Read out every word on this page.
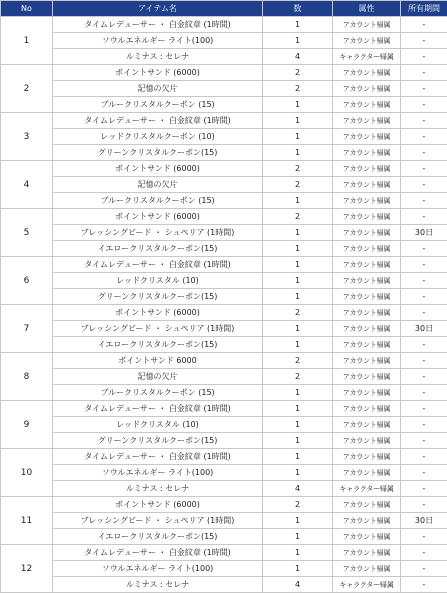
No	アイテム名	数	属性	所有期間
1	タイムレデューサー ・ 白金紋章 (1時間)	1	アカウント帰属	-
	ソウルエネルギー ライト(100)	1	アカウント帰属	-
	ルミナス : セレナ	4	キャラクター帰属	-
2	ポイントサンド (6000)	2	アカウント帰属	-
	記憶の欠片	2	アカウント帰属	-
	ブルークリスタルクーポン (15)	1	アカウント帰属	-
3	タイムレデューサー ・ 白金紋章 (1時間)	1	アカウント帰属	-
	レッドクリスタルクーポン (10)	1	アカウント帰属	-
	グリーンクリスタルクーポン(15)	1	アカウント帰属	-
4	ポイントサンド (6000)	2	アカウント帰属	-
	記憶の欠片	2	アカウント帰属	-
	ブルークリスタルクーポン (15)	1	アカウント帰属	-
5	ポイントサンド (6000)	2	アカウント帰属	-
	ブレッシングビード ・ シュペリア (1時間)	1	アカウント帰属	30日
	イエロークリスタルクーポン(15)	1	アカウント帰属	-
6	タイムレデューサー ・ 白金紋章 (1時間)	1	アカウント帰属	-
	レッドクリスタル (10)	1	アカウント帰属	-
	グリーンクリスタルクーポン(15)	1	アカウント帰属	-
7	ポイントサンド (6000)	2	アカウント帰属	-
	ブレッシングビード ・ シュペリア (1時間)	1	アカウント帰属	30日
	イエロークリスタルクーポン(15)	1	アカウント帰属	-
8	ポイントサンド 6000	2	アカウント帰属	-
	記憶の欠片	2	アカウント帰属	-
	ブルークリスタルクーポン (15)	1	アカウント帰属	-
9	タイムレデューサー ・ 白金紋章 (1時間)	1	アカウント帰属	-
	レッドクリスタル (10)	1	アカウント帰属	-
	グリーンクリスタルクーポン(15)	1	アカウント帰属	-
10	タイムレデューサー ・ 白金紋章 (1時間)	1	アカウント帰属	-
	ソウルエネルギー ライト(100)	1	アカウント帰属	-
	ルミナス : セレナ	4	キャラクター帰属	-
11	ポイントサンド (6000)	2	アカウント帰属	-
	ブレッシングビード ・ シュペリア (1時間)	1	アカウント帰属	30日
	イエロークリスタルクーポン(15)	1	アカウント帰属	-
12	タイムレデューサー ・ 白金紋章 (1時間)	1	アカウント帰属	-
	ソウルエネルギー ライト(100)	1	アカウント帰属	-
	ルミナス : セレナ	4	キャラクター帰属	-
